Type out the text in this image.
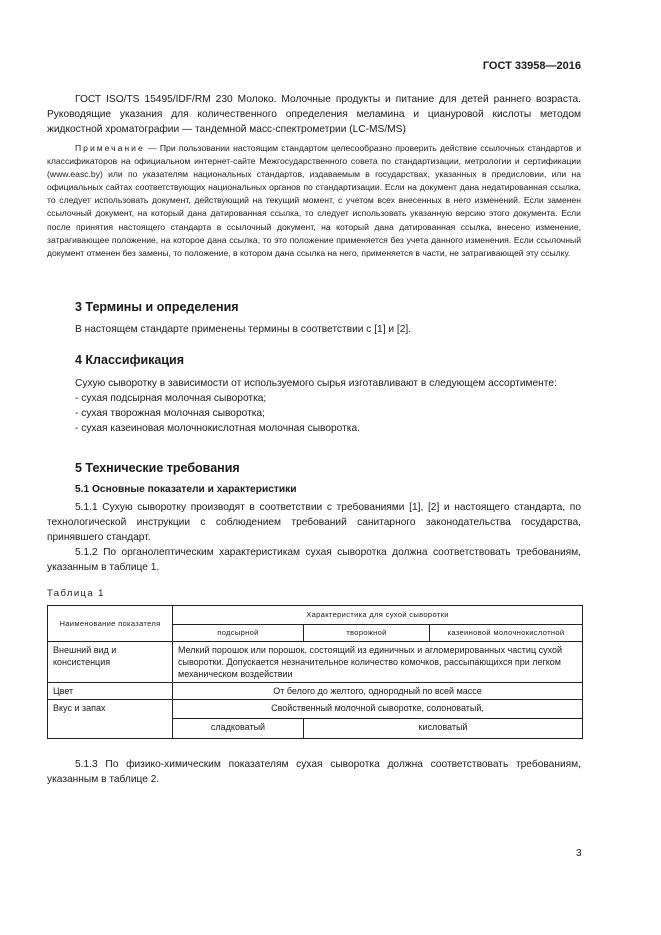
ГОСТ 33958—2016

ГОСТ ISO/TS 15495/IDF/RM 230 Молоко. Молочные продукты и питание для детей раннего возраста. Руководящие указания для количественного определения меламина и циануровой кислоты методом жидкостной хроматографии — тандемной масс-спектрометрии (LC-MS/MS)

Примечание — При пользовании настоящим стандартом целесообразно проверить действие ссылочных стандартов и классификаторов на официальном интернет-сайте Межгосударственного совета по стандартизации, метрологии и сертификации (www.easc.by) или по указателям национальных стандартов, издаваемым в государствах, указанных в предисловии, или на официальных сайтах соответствующих национальных органов по стандартизации. Если на документ дана недатированная ссылка, то следует использовать документ, действующий на текущий момент, с учетом всех внесенных в него изменений. Если заменен ссылочный документ, на который дана датированная ссылка, то следует использовать указанную версию этого документа. Если после принятия настоящего стандарта в ссылочный документ, на который дана датированная ссылка, внесено изменение, затрагивающее положение, на которое дана ссылка, то это положение применяется без учета данного изменения. Если ссылочный документ отменен без замены, то положение, в котором дана ссылка на него, применяется в части, не затрагивающей эту ссылку.

3 Термины и определения

В настоящем стандарте применены термины в соответствии с [1] и [2].

4 Классификация

Сухую сыворотку в зависимости от используемого сырья изготавливают в следующем ассортименте:

- сухая подсырная молочная сыворотка;

- сухая творожная молочная сыворотка;

- сухая казеиновая молочнокислотная молочная сыворотка.

5 Технические требования
5.1 Основные показатели и характеристики

5.1.1 Сухую сыворотку производят в соответствии с требованиями [1], [2] и настоящего стандарта, по технологической инструкции с соблюдением требований санитарного законодательства государства, принявшего стандарт.

5.1.2 По органолептическим характеристикам сухая сыворотка должна соответствовать требованиям, указанным в таблице 1.

Таблица 1
Наименование показателя	Характеристика для сухой сыворотки		
	подсырной	творожной	казеиновой молочнокислотной
Внешний вид и консистенция	Мелкий порошок или порошок, состоящий из единичных и агломерированных частиц сухой сыворотки. Допускается незначительное количество комочков, рассыпающихся при легком механическом воздействии		
Цвет	От белого до желтого, однородный по всей массе		
Вкус и запах	Свойственный молочной сыворотке, солоноватый,		
	сладковатый	кисловатый	

5.1.3 По физико-химическим показателям сухая сыворотка должна соответствовать требованиям, указанным в таблице 2.

3
